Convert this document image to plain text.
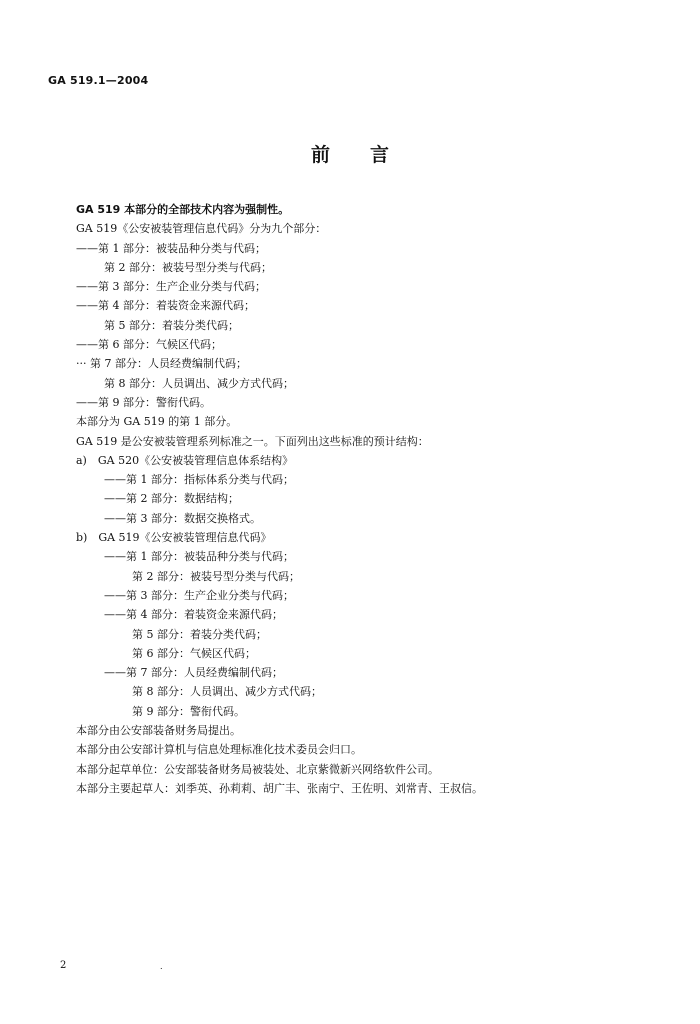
GA 519.1—2004
前言
GA 519 本部分的全部技术内容为强制性。
GA 519《公安被装管理信息代码》分为九个部分：
——第 1 部分：被装品种分类与代码；
第 2 部分：被装号型分类与代码；
——第 3 部分：生产企业分类与代码；
——第 4 部分：着装资金来源代码；
第 5 部分：着装分类代码；
——第 6 部分：气候区代码；
··· 第 7 部分：人员经费编制代码；
第 8 部分：人员调出、减少方式代码；
——第 9 部分：警衔代码。
本部分为 GA 519 的第 1 部分。
GA 519 是公安被装管理系列标准之一。下面列出这些标准的预计结构：
a)　GA 520《公安被装管理信息体系结构》
——第 1 部分：指标体系分类与代码；
——第 2 部分：数据结构；
——第 3 部分：数据交换格式。
b)　GA 519《公安被装管理信息代码》
——第 1 部分：被装品种分类与代码；
第 2 部分：被装号型分类与代码；
——第 3 部分：生产企业分类与代码；
——第 4 部分：着装资金来源代码；
第 5 部分：着装分类代码；
第 6 部分：气候区代码；
——第 7 部分：人员经费编制代码；
第 8 部分：人员调出、减少方式代码；
第 9 部分：警衔代码。
本部分由公安部装备财务局提出。
本部分由公安部计算机与信息处理标准化技术委员会归口。
本部分起草单位：公安部装备财务局被装处、北京紫微新兴网络软件公司。
本部分主要起草人：刘季英、孙莉莉、胡广丰、张南宁、王佐明、刘常青、王叔信。
2	.
